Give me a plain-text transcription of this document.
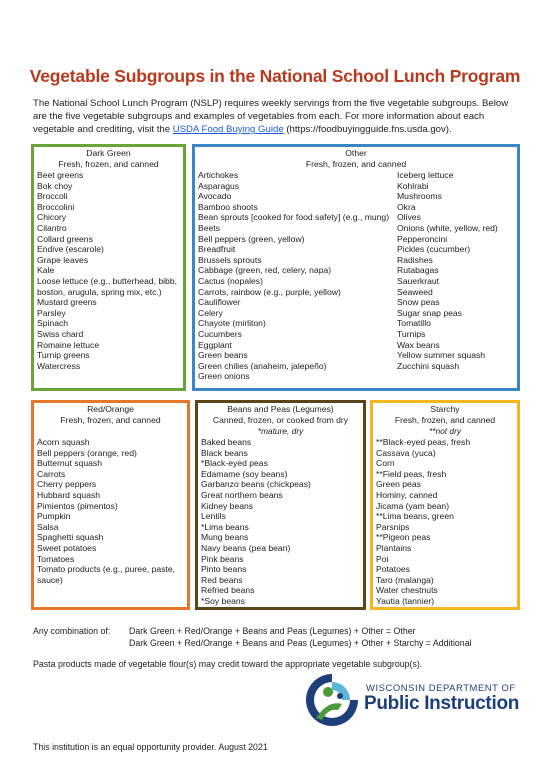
Vegetable Subgroups in the National School Lunch Program
The National School Lunch Program (NSLP) requires weekly servings from the five vegetable subgroups. Below are the five vegetable subgroups and examples of vegetables from each. For more information about each vegetable and crediting, visit the USDA Food Buying Guide (https://foodbuyingguide.fns.usda.gov).
Dark Green
Fresh, frozen, and canned
Beet greens
Bok choy
Broccoli
Broccolini
Chicory
Cilantro
Collard greens
Endive (escarole)
Grape leaves
Kale
Loose lettuce (e.g., butterhead, bibb, boston, arugula, spring mix, etc.)
Mustard greens
Parsley
Spinach
Swiss chard
Romaine lettuce
Turnip greens
Watercress
Other
Fresh, frozen, and canned
Artichokes
Asparagus
Avocado
Bamboo shoots
Bean sprouts [cooked for food safety] (e.g., mung)
Beets
Bell peppers (green, yellow)
Breadfruit
Brussels sprouts
Cabbage (green, red, celery, napa)
Cactus (nopales)
Carrots, rainbow (e.g., purple, yellow)
Cauliflower
Celery
Chayote (mirliton)
Cucumbers
Eggplant
Green beans
Green chilies (anaheim, jalepeño)
Green onions
Iceberg lettuce
Kohlrabi
Mushrooms
Okra
Olives
Onions (white, yellow, red)
Pepperoncini
Pickles (cucumber)
Radishes
Rutabagas
Sauerkraut
Seaweed
Snow peas
Sugar snap peas
Tomatillo
Turnips
Wax beans
Yellow summer squash
Zucchini squash
Red/Orange
Fresh, frozen, and canned
Acorn squash
Bell peppers (orange, red)
Butternut squash
Carrots
Cherry peppers
Hubbard squash
Pimientos (pimentos)
Pumpkin
Salsa
Spaghetti squash
Sweet potatoes
Tomatoes
Tomato products (e.g., puree, paste, sauce)
Beans and Peas (Legumes)
Canned, frozen, or cooked from dry
*mature, dry
Baked beans
Black beans
*Black-eyed peas
Edamame (soy beans)
Garbanzo beans (chickpeas)
Great northern beans
Kidney beans
Lentils
*Lima beans
Mung beans
Navy beans (pea bean)
Pink beans
Pinto beans
Red beans
Refried beans
*Soy beans
Starchy
Fresh, frozen, and canned
**not dry
**Black-eyed peas, fresh
Cassava (yuca)
Corn
**Field peas, fresh
Green peas
Hominy, canned
Jicama (yam bean)
**Lima beans, green
Parsnips
**Pigeon peas
Plantains
Poi
Potatoes
Taro (malanga)
Water chestnuts
Yautia (tannier)
Any combination of:	Dark Green + Red/Orange + Beans and Peas (Legumes) + Other = Other
Dark Green + Red/Orange + Beans and Peas (Legumes) + Other + Starchy = Additional
Pasta products made of vegetable flour(s) may credit toward the appropriate vegetable subgroup(s).
WISCONSIN DEPARTMENT OF
Public Instruction
This institution is an equal opportunity provider. August 2021
